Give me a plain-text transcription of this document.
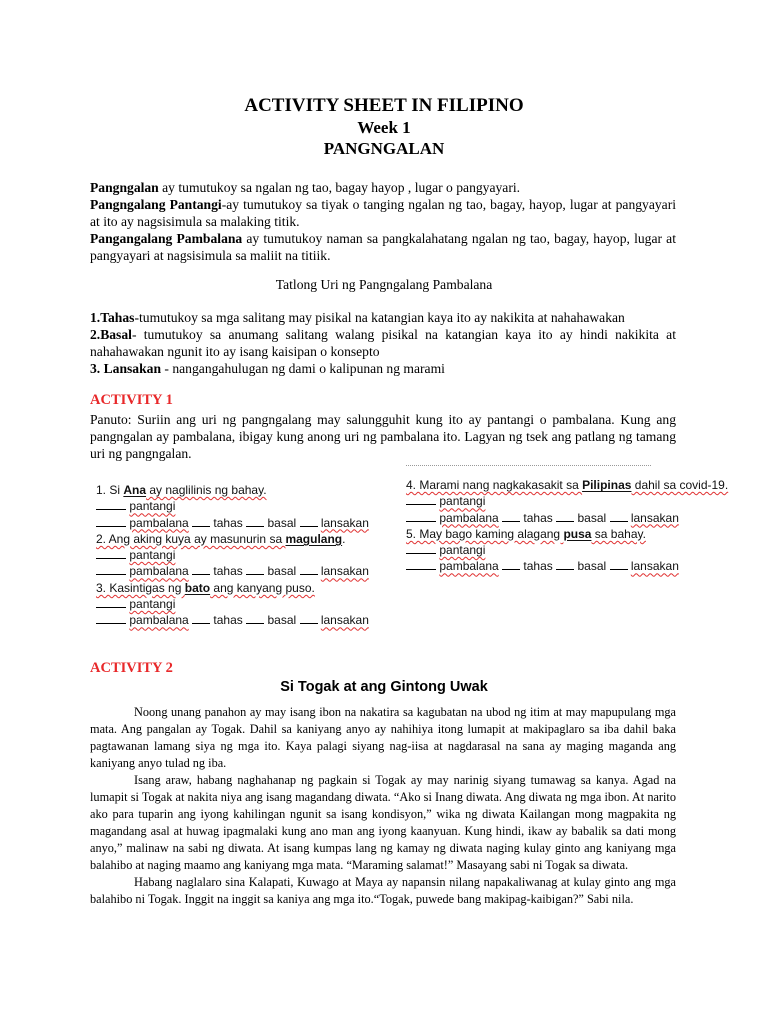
ACTIVITY SHEET IN FILIPINO
Week 1
PANGNGALAN
Pangngalan ay tumutukoy sa ngalan ng tao, bagay hayop , lugar o pangyayari.
Pangngalang Pantangi-ay tumutukoy sa tiyak o tanging ngalan ng tao, bagay, hayop, lugar at pangyayari at ito ay nagsisimula sa malaking titik.
Pangangalang Pambalana ay tumutukoy naman sa pangkalahatang ngalan ng tao, bagay, hayop, lugar at pangyayari at nagsisimula sa maliit na titiik.
Tatlong Uri ng Pangngalang Pambalana
1.Tahas-tumutukoy sa mga salitang may pisikal na katangian kaya ito ay nakikita at nahahawakan
2.Basal- tumutukoy sa anumang salitang walang pisikal na katangian kaya ito ay hindi nakikita at nahahawakan ngunit ito ay isang kaisipan o konsepto
3. Lansakan - nangangahulugan ng dami o kalipunan ng marami
ACTIVITY 1
Panuto: Suriin ang uri ng pangngalang may salungguhit kung ito ay pantangi o pambalana. Kung ang pangngalan ay pambalana, ibigay kung anong uri ng pambalana ito. Lagyan ng tsek ang patlang ng tamang uri ng pangngalan.
1. Si Ana ay naglilinis ng bahay.
pantangi
pambalana tahas basal lansakan
2. Ang aking kuya ay masunurin sa magulang.
pantangi
pambalana tahas basal lansakan
3. Kasintigas ng bato ang kanyang puso.
pantangi
pambalana tahas basal lansakan
4. Marami nang nagkakasakit sa Pilipinas dahil sa covid-19.
pantangi
pambalana tahas basal lansakan
5. May bago kaming alagang pusa sa bahay.
pantangi
pambalana tahas basal lansakan
ACTIVITY 2
Si Togak at ang Gintong Uwak

Noong unang panahon ay may isang ibon na nakatira sa kagubatan na ubod ng itim at may mapupulang mga mata. Ang pangalan ay Togak. Dahil sa kaniyang anyo ay nahihiya itong lumapit at makipaglaro sa iba dahil baka pagtawanan lamang siya ng mga ito. Kaya palagi siyang nag-iisa at nagdarasal na sana ay maging maganda ang kaniyang anyo tulad ng iba.

Isang araw, habang naghahanap ng pagkain si Togak ay may narinig siyang tumawag sa kanya. Agad na lumapit si Togak at nakita niya ang isang magandang diwata. “Ako si Inang diwata. Ang diwata ng mga ibon. At narito ako para tuparin ang iyong kahilingan ngunit sa isang kondisyon,” wika ng diwata Kailangan mong magpakita ng magandang asal at huwag ipagmalaki kung ano man ang iyong kaanyuan. Kung hindi, ikaw ay babalik sa dati mong anyo,” malinaw na sabi ng diwata. At isang kumpas lang ng kamay ng diwata naging kulay ginto ang kaniyang mga balahibo at naging maamo ang kaniyang mga mata. “Maraming salamat!” Masayang sabi ni Togak sa diwata.

Habang naglalaro sina Kalapati, Kuwago at Maya ay napansin nilang napakaliwanag at kulay ginto ang mga balahibo ni Togak. Inggit na inggit sa kaniya ang mga ito.“Togak, puwede bang makipag-kaibigan?” Sabi nila.
